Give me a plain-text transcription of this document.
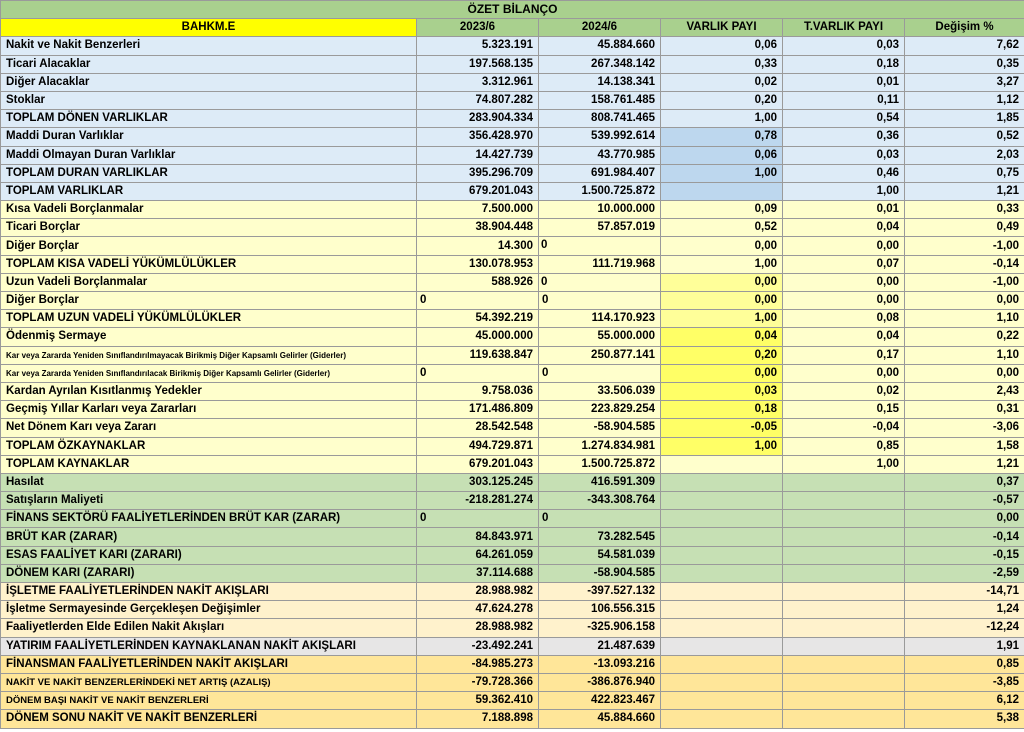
ÖZET BİLANÇO					
BAHKM.E	2023/6	2024/6	VARLIK PAYI	T.VARLIK PAYI	Değişim %
Nakit ve Nakit Benzerleri	5.323.191	45.884.660	0,06	0,03	7,62
Ticari Alacaklar	197.568.135	267.348.142	0,33	0,18	0,35
Diğer Alacaklar	3.312.961	14.138.341	0,02	0,01	3,27
Stoklar	74.807.282	158.761.485	0,20	0,11	1,12
TOPLAM DÖNEN VARLIKLAR	283.904.334	808.741.465	1,00	0,54	1,85
Maddi Duran Varlıklar	356.428.970	539.992.614	0,78	0,36	0,52
Maddi Olmayan Duran Varlıklar	14.427.739	43.770.985	0,06	0,03	2,03
TOPLAM DURAN VARLIKLAR	395.296.709	691.984.407	1,00	0,46	0,75
TOPLAM VARLIKLAR	679.201.043	1.500.725.872		1,00	1,21
Kısa Vadeli Borçlanmalar	7.500.000	10.000.000	0,09	0,01	0,33
Ticari Borçlar	38.904.448	57.857.019	0,52	0,04	0,49
Diğer Borçlar	14.300	0	0,00	0,00	-1,00
TOPLAM KISA VADELİ YÜKÜMLÜLÜKLER	130.078.953	111.719.968	1,00	0,07	-0,14
Uzun Vadeli Borçlanmalar	588.926	0	0,00	0,00	-1,00
Diğer Borçlar	0	0	0,00	0,00	0,00
TOPLAM UZUN VADELİ YÜKÜMLÜLÜKLER	54.392.219	114.170.923	1,00	0,08	1,10
Ödenmiş Sermaye	45.000.000	55.000.000	0,04	0,04	0,22
Kar veya Zararda Yeniden Sınıflandırılmayacak Birikmiş Diğer Kapsamlı Gelirler (Giderler)	119.638.847	250.877.141	0,20	0,17	1,10
Kar veya Zararda Yeniden Sınıflandırılacak Birikmiş Diğer Kapsamlı Gelirler (Giderler)	0	0	0,00	0,00	0,00
Kardan Ayrılan Kısıtlanmış Yedekler	9.758.036	33.506.039	0,03	0,02	2,43
Geçmiş Yıllar Karları veya Zararları	171.486.809	223.829.254	0,18	0,15	0,31
Net Dönem Karı veya Zararı	28.542.548	-58.904.585	-0,05	-0,04	-3,06
TOPLAM ÖZKAYNAKLAR	494.729.871	1.274.834.981	1,00	0,85	1,58
TOPLAM KAYNAKLAR	679.201.043	1.500.725.872		1,00	1,21
Hasılat	303.125.245	416.591.309			0,37
Satışların Maliyeti	-218.281.274	-343.308.764			-0,57
FİNANS SEKTÖRÜ FAALİYETLERİNDEN BRÜT KAR (ZARAR)	0	0			0,00
BRÜT KAR (ZARAR)	84.843.971	73.282.545			-0,14
ESAS FAALİYET KARI (ZARARI)	64.261.059	54.581.039			-0,15
DÖNEM KARI (ZARARI)	37.114.688	-58.904.585			-2,59
İŞLETME FAALİYETLERİNDEN NAKİT AKIŞLARI	28.988.982	-397.527.132			-14,71
İşletme Sermayesinde Gerçekleşen Değişimler	47.624.278	106.556.315			1,24
Faaliyetlerden Elde Edilen Nakit Akışları	28.988.982	-325.906.158			-12,24
YATIRIM FAALİYETLERİNDEN KAYNAKLANAN NAKİT AKIŞLARI	-23.492.241	21.487.639			1,91
FİNANSMAN FAALİYETLERİNDEN NAKİT AKIŞLARI	-84.985.273	-13.093.216			0,85
NAKİT VE NAKİT BENZERLERİNDEKİ NET ARTIŞ (AZALIŞ)	-79.728.366	-386.876.940			-3,85
DÖNEM BAŞI NAKİT VE NAKİT BENZERLERİ	59.362.410	422.823.467			6,12
DÖNEM SONU NAKİT VE NAKİT BENZERLERİ	7.188.898	45.884.660			5,38
